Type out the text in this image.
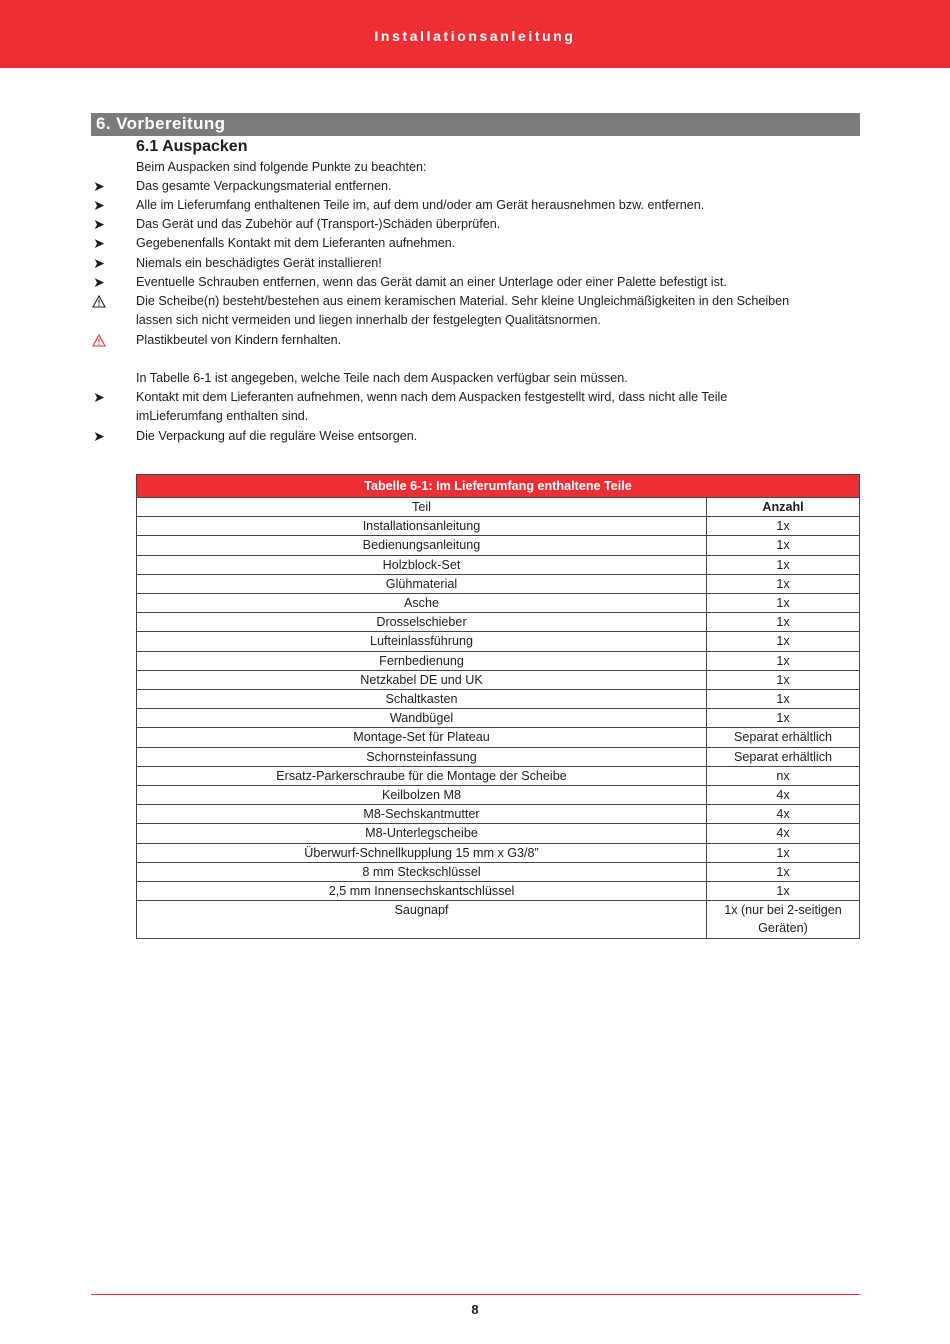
Installationsanleitung
6. Vorbereitung
6.1 Auspacken
Beim Auspacken sind folgende Punkte zu beachten:
➤ Das gesamte Verpackungsmaterial entfernen.
➤ Alle im Lieferumfang enthaltenen Teile im, auf dem und/oder am Gerät herausnehmen bzw. entfernen.
➤ Das Gerät und das Zubehör auf (Transport-)Schäden überprüfen.
➤ Gegebenenfalls Kontakt mit dem Lieferanten aufnehmen.
➤ Niemals ein beschädigtes Gerät installieren!
➤ Eventuelle Schrauben entfernen, wenn das Gerät damit an einer Unterlage oder einer Palette befestigt ist.
Die Scheibe(n) besteht/bestehen aus einem keramischen Material. Sehr kleine Ungleichmäßigkeiten in den Scheiben
lassen sich nicht vermeiden und liegen innerhalb der festgelegten Qualitätsnormen.
Plastikbeutel von Kindern fernhalten.
In Tabelle 6-1 ist angegeben, welche Teile nach dem Auspacken verfügbar sein müssen.
➤ Kontakt mit dem Lieferanten aufnehmen, wenn nach dem Auspacken festgestellt wird, dass nicht alle Teile
imLieferumfang enthalten sind.
➤ Die Verpackung auf die reguläre Weise entsorgen.
Tabelle 6-1: Im Lieferumfang enthaltene Teile
Teil	Anzahl
Installationsanleitung	1x
Bedienungsanleitung	1x
Holzblock-Set	1x
Glühmaterial	1x
Asche	1x
Drosselschieber	1x
Lufteinlassführung	1x
Fernbedienung	1x
Netzkabel DE und UK	1x
Schaltkasten	1x
Wandbügel	1x
Montage-Set für Plateau	Separat erhältlich
Schornsteinfassung	Separat erhältlich
Ersatz-Parkerschraube für die Montage der Scheibe	nx
Keilbolzen M8	4x
M8-Sechskantmutter	4x
M8-Unterlegscheibe	4x
Überwurf-Schnellkupplung 15 mm x G3/8”	1x
8 mm Steckschlüssel	1x
2,5 mm Innensechskantschlüssel	1x
Saugnapf	1x (nur bei 2-seitigen
Geräten)
8
